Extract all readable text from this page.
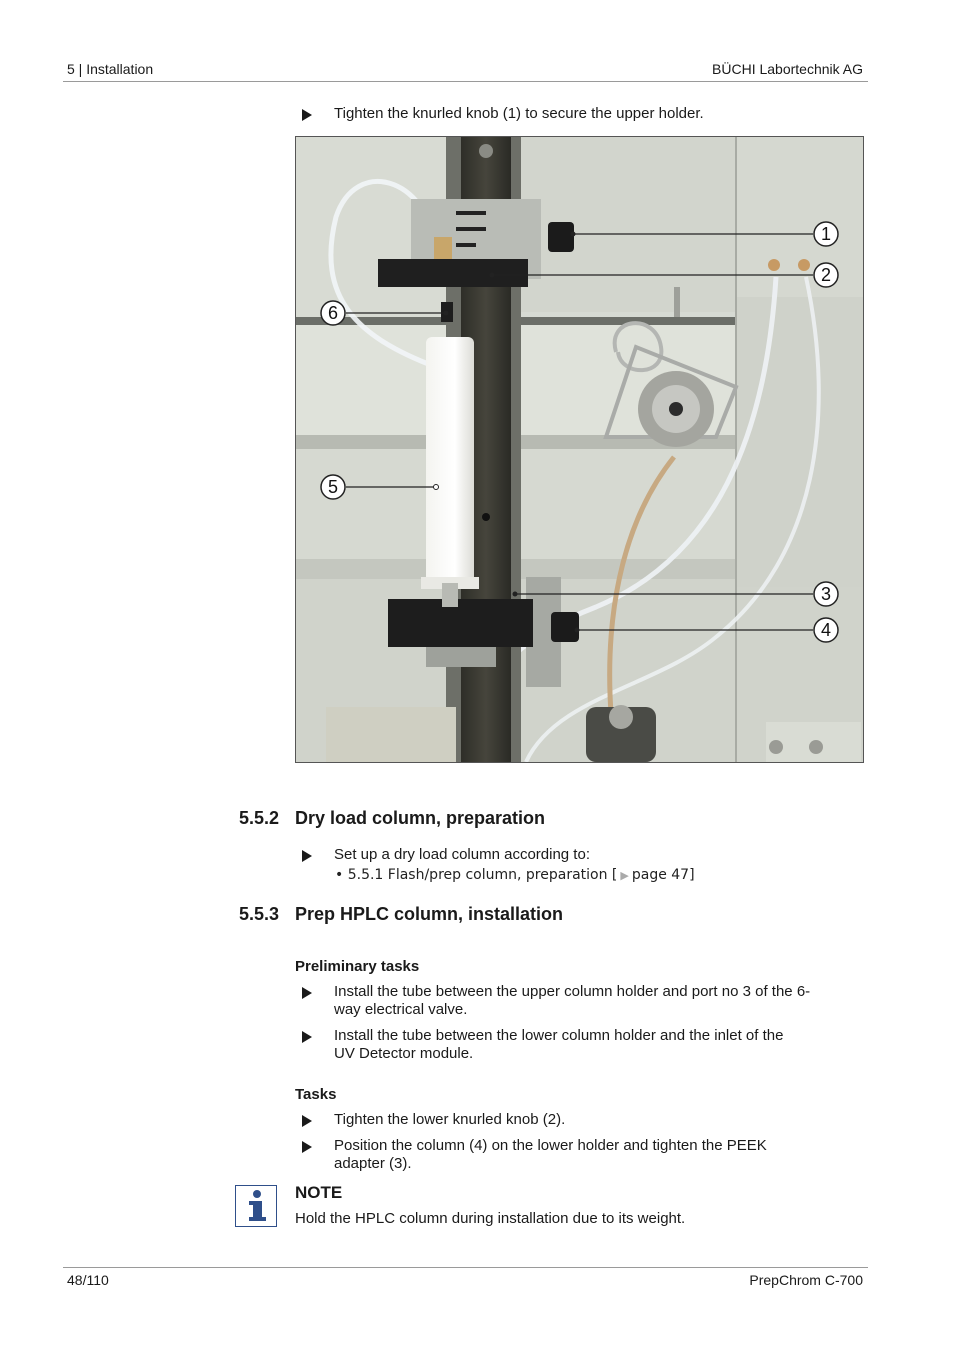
5 | Installation	BÜCHI Labortechnik AG
Tighten the knurled knob (1) to secure the upper holder.
1
2
3
4
5
6
5.5.2 Dry load column, preparation
Set up a dry load column according to:
• 5.5.1 Flash/prep column, preparation [ ▶ page 47]
5.5.3 Prep HPLC column, installation
Preliminary tasks
Install the tube between the upper column holder and port no 3 of the 6-
way electrical valve.
Install the tube between the lower column holder and the inlet of the
UV Detector module.
Tasks
Tighten the lower knurled knob (2).
Position the column (4) on the lower holder and tighten the PEEK
adapter (3).
NOTE
Hold the HPLC column during installation due to its weight.
48/110	PrepChrom C-700
